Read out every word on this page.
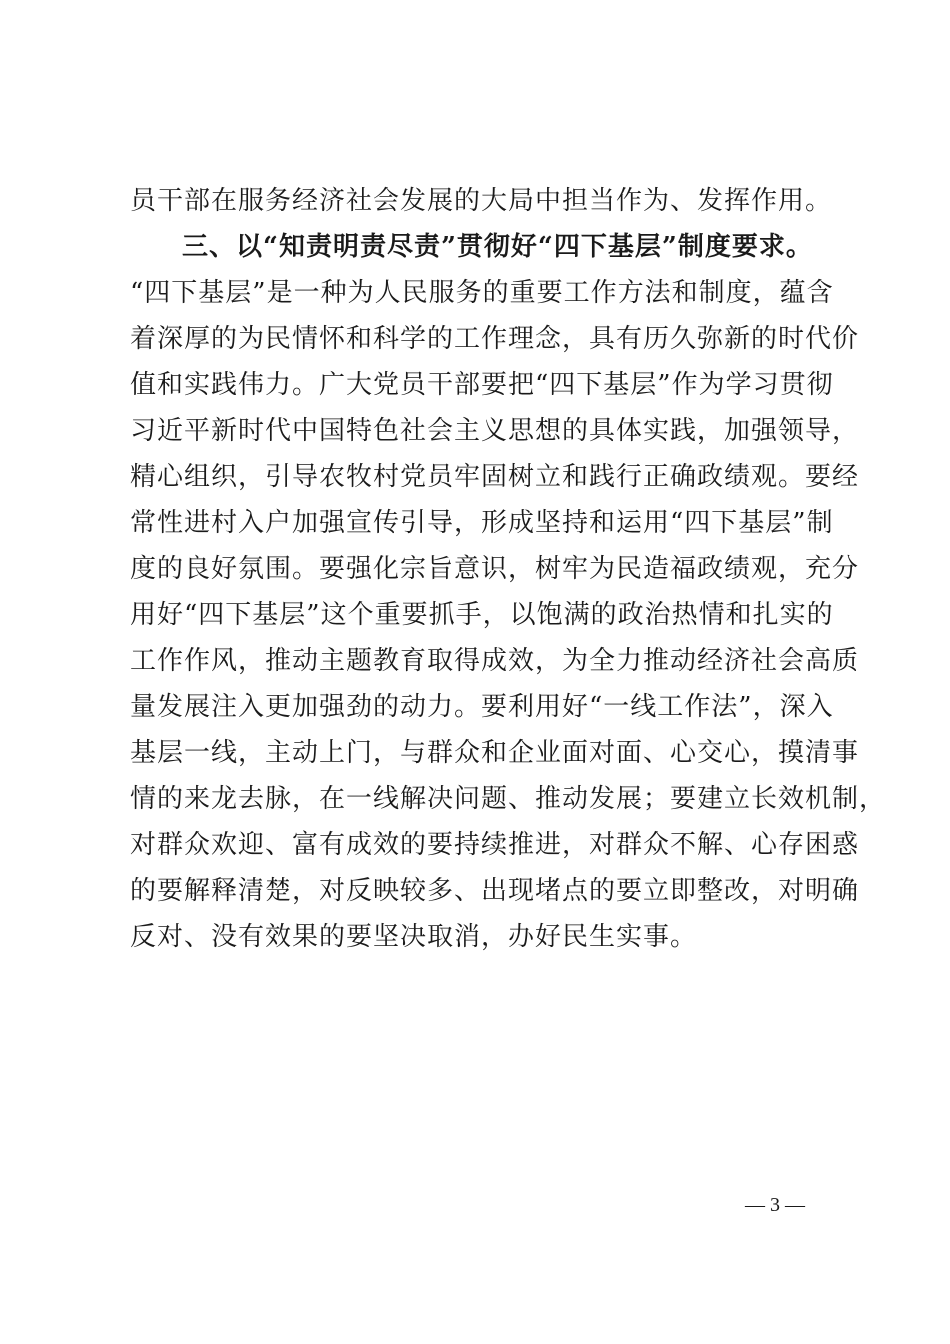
员干部在服务经济社会发展的大局中担当作为、发挥作用。
三、以“知责明责尽责”贯彻好“四下基层”制度要求。
“四下基层”是一种为人民服务的重要工作方法和制度，蕴含
着深厚的为民情怀和科学的工作理念，具有历久弥新的时代价
值和实践伟力。广大党员干部要把“四下基层”作为学习贯彻
习近平新时代中国特色社会主义思想的具体实践，加强领导，
精心组织，引导农牧村党员牢固树立和践行正确政绩观。要经
常性进村入户加强宣传引导，形成坚持和运用“四下基层”制
度的良好氛围。要强化宗旨意识，树牢为民造福政绩观，充分
用好“四下基层”这个重要抓手，以饱满的政治热情和扎实的
工作作风，推动主题教育取得成效，为全力推动经济社会高质
量发展注入更加强劲的动力。要利用好“一线工作法”，深入
基层一线，主动上门，与群众和企业面对面、心交心，摸清事
情的来龙去脉，在一线解决问题、推动发展；要建立长效机制，
对群众欢迎、富有成效的要持续推进，对群众不解、心存困惑
的要解释清楚，对反映较多、出现堵点的要立即整改，对明确
反对、没有效果的要坚决取消，办好民生实事。
— 3 —
